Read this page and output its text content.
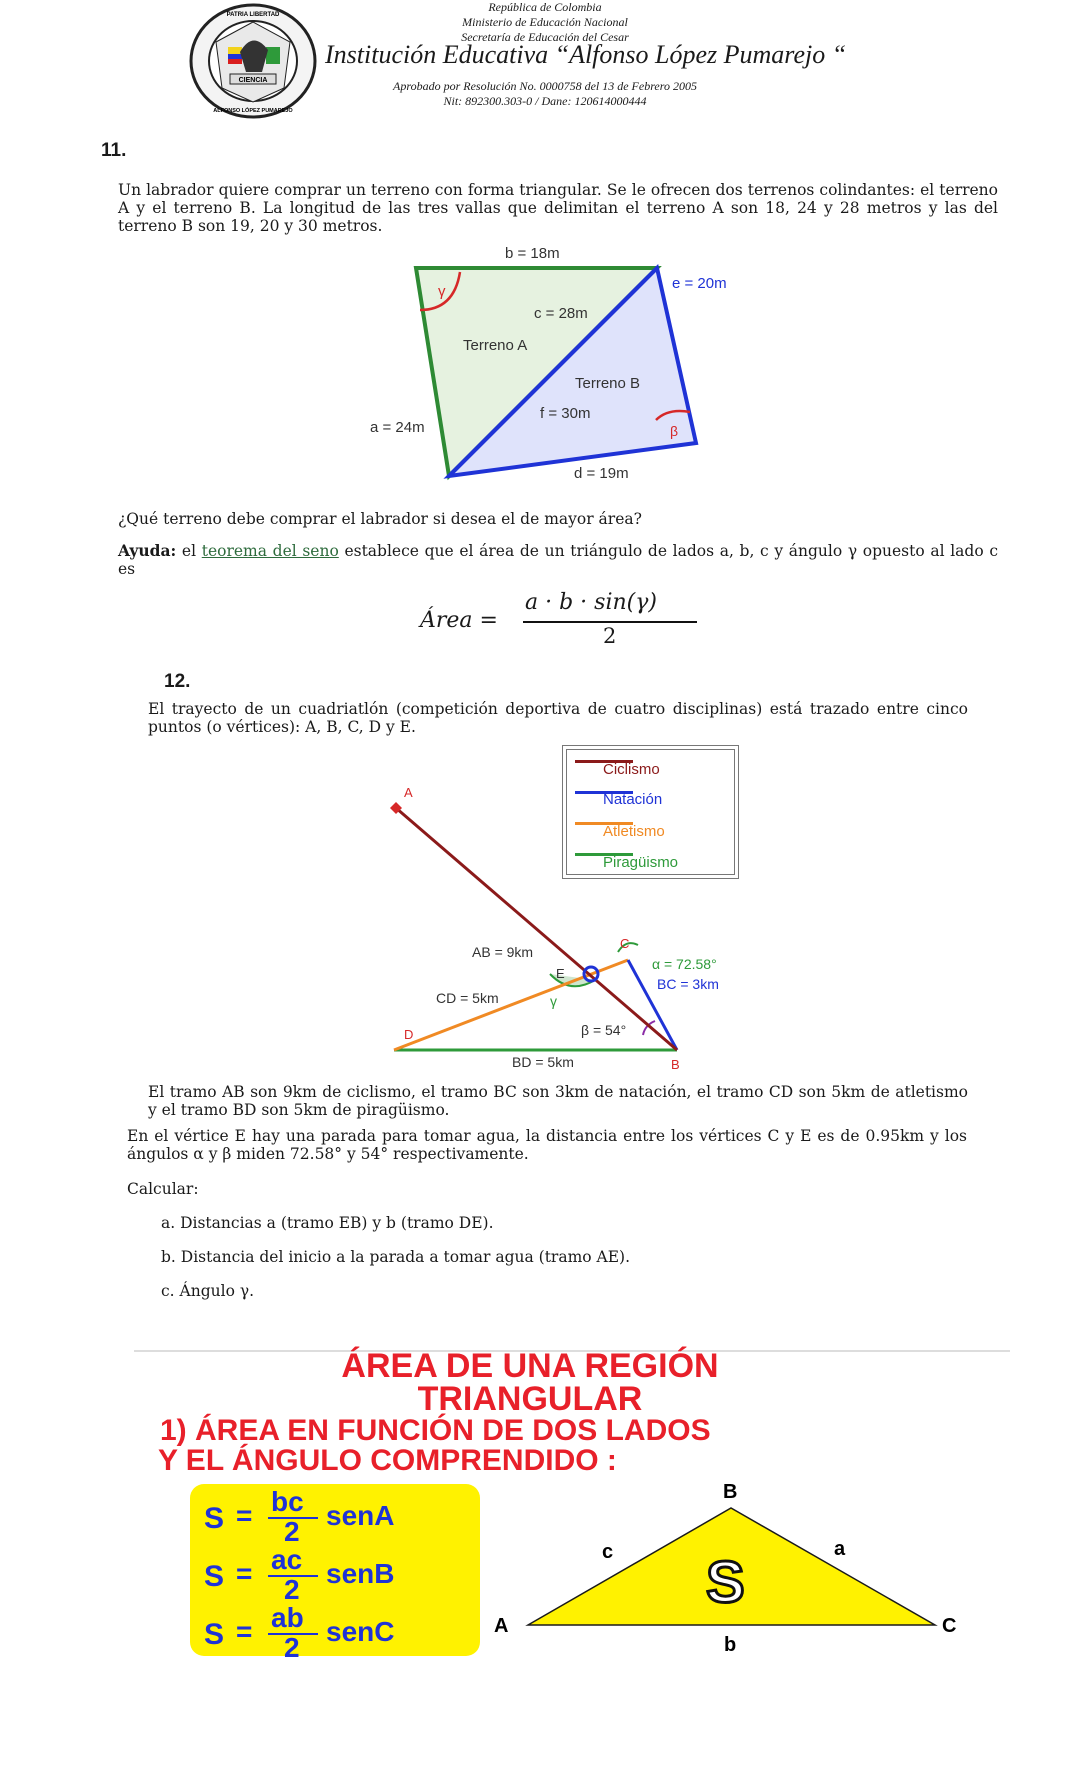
CIENCIA
PATRIA LIBERTAD
ALFONSO LÓPEZ PUMAREJO
República de Colombia
Ministerio de Educación Nacional
Secretaría de Educación del Cesar
Institución Educativa “Alfonso López Pumarejo “
Aprobado por Resolución No. 0000758 del 13 de Febrero 2005
Nit: 892300.303-0 / Dane: 120614000444
11.
Un labrador quiere comprar un terreno con forma triangular. Se le ofrecen dos terrenos colindantes: el terreno A y el terreno B. La longitud de las tres vallas que delimitan el terreno A son 18, 24 y 28 metros y las del terreno B son 19, 20 y 30 metros.
b = 18m
e = 20m
c = 28m
Terreno A
Terreno B
f = 30m
a = 24m
d = 19m
γ
β
¿Qué terreno debe comprar el labrador si desea el de mayor área?
Ayuda: el teorema del seno establece que el área de un triángulo de lados a, b, c y ángulo γ opuesto al lado c es
Área =
a · b · sin(γ)
2
12.
El trayecto de un cuadriatlón (competición deportiva de cuatro disciplinas) está trazado entre cinco puntos (o vértices): A, B, C, D y E.
Ciclismo
Natación
Atletismo
Piragüismo
A
C
E
D
B
AB = 9km
CD = 5km
BC = 3km
BD = 5km
α = 72.58°
β = 54°
γ
El tramo AB son 9km de ciclismo, el tramo BC son 3km de natación, el tramo CD son 5km de atletismo y el tramo BD son 5km de piragüismo.
En el vértice E hay una parada para tomar agua, la distancia entre los vértices C y E es de 0.95km y los ángulos α y β miden 72.58° y 54° respectivamente.
Calcular:
a. Distancias a (tramo EB) y b (tramo DE).
b. Distancia del inicio a la parada a tomar agua (tramo AE).
c. Ángulo γ.
ÁREA DE UNA REGIÓN
TRIANGULAR
1) ÁREA EN FUNCIÓN DE DOS LADOS
Y EL ÁNGULO COMPRENDIDO :
S = bc
2
senA
S = ac
2
senB
S = ab
2
senC
B
A	C
c	a
b
S
